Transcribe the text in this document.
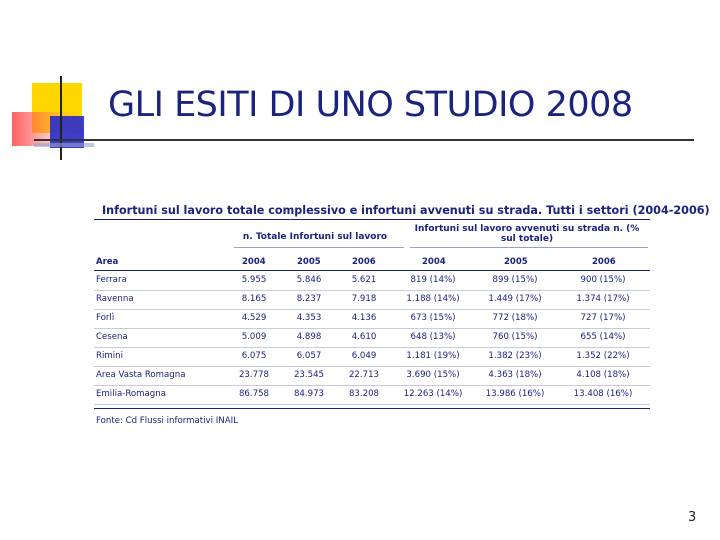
GLI ESITI DI UNO STUDIO 2008
Infortuni sul lavoro totale complessivo e infortuni avvenuti su strada. Tutti i settori (2004-2006)
n. Totale Infortuni sul lavoro
Infortuni sul lavoro avvenuti su strada n. (% sul totale)
Area	2004	2005	2006	2004	2005	2006
Ferrara	5.955	5.846	5.621	819 (14%)	899 (15%)	900 (15%)
Ravenna	8.165	8.237	7.918	1.188 (14%)	1.449 (17%)	1.374 (17%)
Forlì	4.529	4.353	4.136	673 (15%)	772 (18%)	727 (17%)
Cesena	5.009	4.898	4.610	648 (13%)	760 (15%)	655 (14%)
Rimini	6.075	6.057	6.049	1.181 (19%)	1.382 (23%)	1.352 (22%)
Area Vasta Romagna	23.778	23.545	22.713	3.690 (15%)	4.363 (18%)	4.108 (18%)
Emilia-Romagna	86.758	84.973	83.208	12.263 (14%)	13.986 (16%)	13.408 (16%)
Fonte: Cd Flussi informativi INAIL
3
